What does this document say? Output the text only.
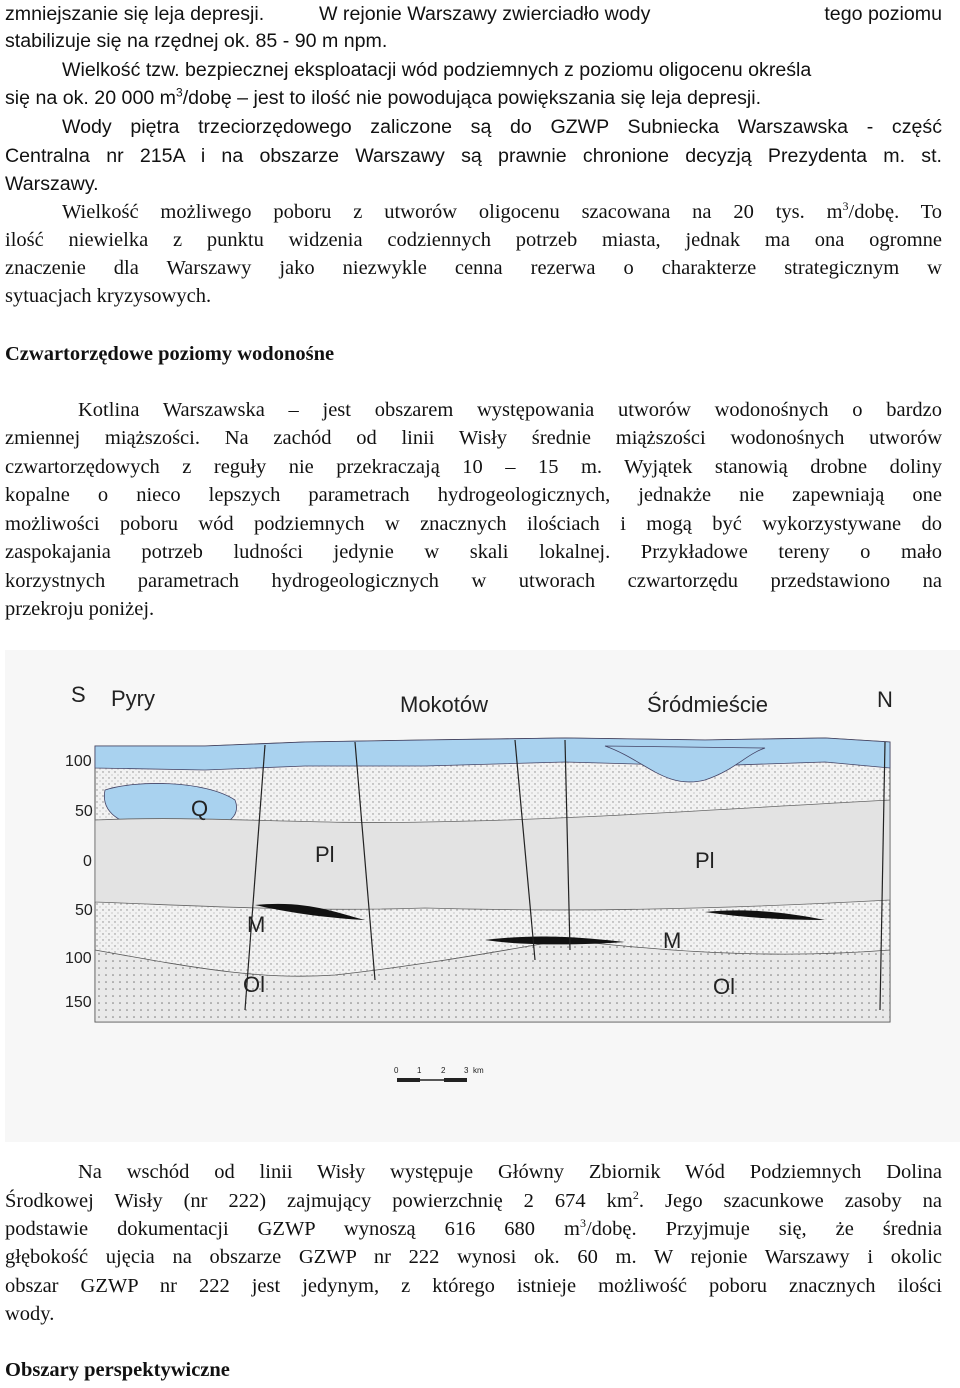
zmniejszanie się leja depresji.	W rejonie Warszawy zwierciadło wody	tego poziomu
stabilizuje się na rzędnej ok. 85 - 90 m npm.
Wielkość tzw. bezpiecznej eksploatacji wód podziemnych z poziomu oligocenu określa
się na ok. 20 000 $m^3$/dobę – jest to ilość nie powodująca powiększania się leja depresji.
Wody piętra trzeciorzędowego zaliczone są do GZWP Subniecka Warszawska - część
Centralna nr 215A i na obszarze Warszawy są prawnie chronione decyzją Prezydenta m. st.
Warszawy.
Wielkość możliwego poboru z utworów oligocenu szacowana na 20 tys. $m^3$/dobę. To
ilość niewielka z punktu widzenia codziennych potrzeb miasta, jednak ma ona ogromne
znaczenie dla Warszawy jako niezwykle cenna rezerwa o charakterze strategicznym w
sytuacjach kryzysowych.
Czwartorzędowe poziomy wodonośne
Kotlina Warszawska – jest obszarem występowania utworów wodonośnych o bardzo
zmiennej miąższości. Na zachód od linii Wisły średnie miąższości wodonośnych utworów
czwartorzędowych z reguły nie przekraczają 10 – 15 m. Wyjątek stanowią drobne doliny
kopalne o nieco lepszych parametrach hydrogeologicznych, jednakże nie zapewniają one
możliwości poboru wód podziemnych w znacznych ilościach i mogą być wykorzystywane do
zaspokajania potrzeb ludności jedynie w skali lokalnej. Przykładowe tereny o mało
korzystnych parametrach hydrogeologicznych w utworach czwartorzędu przedstawiono na
przekroju poniżej.
S Pyry	Mokotów	Śródmieście	N
100
50
0
50
100
150
Q
Pl	Pl
M
M
Ol	Ol
0 1 2 3 km
Na wschód od linii Wisły występuje Główny Zbiornik Wód Podziemnych Dolina
Środkowej Wisły (nr 222) zajmujący powierzchnię 2 674 $km^2$. Jego szacunkowe zasoby na
podstawie dokumentacji GZWP wynoszą 616 680 $m^3$/dobę. Przyjmuje się, że średnia
głębokość ujęcia na obszarze GZWP nr 222 wynosi ok. 60 m. W rejonie Warszawy i okolic
obszar GZWP nr 222 jest jedynym, z którego istnieje możliwość poboru znacznych ilości
wody.
Obszary perspektywiczne
